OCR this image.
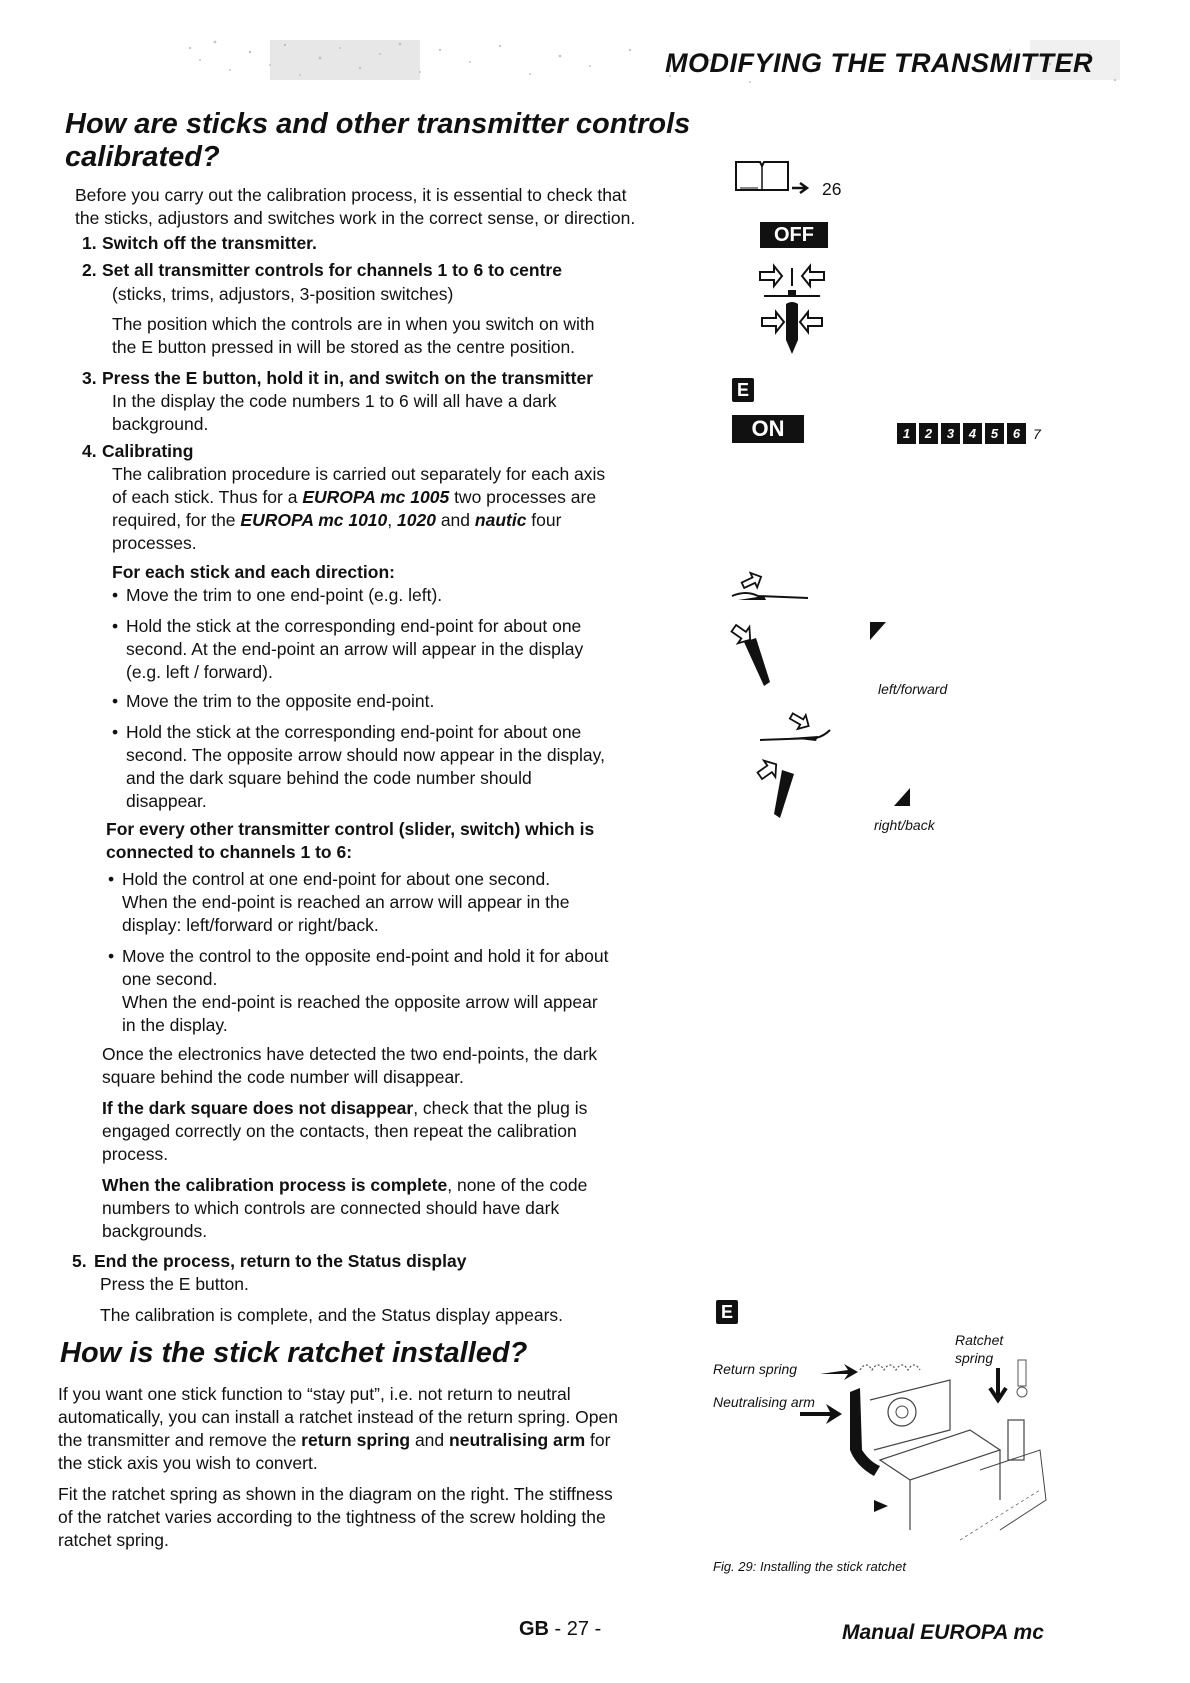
MODIFYING THE TRANSMITTER
How are sticks and other transmitter controls
calibrated?
Before you carry out the calibration process, it is essential to check that
the sticks, adjustors and switches work in the correct sense, or direction.
1. Switch off the transmitter.
2. Set all transmitter controls for channels 1 to 6 to centre
(sticks, trims, adjustors, 3-position switches)
The position which the controls are in when you switch on with
the E button pressed in will be stored as the centre position.
3. Press the E button, hold it in, and switch on the transmitter
In the display the code numbers 1 to 6 will all have a dark
background.
4. Calibrating
The calibration procedure is carried out separately for each axis
of each stick. Thus for a EUROPA mc 1005 two processes are
required, for the EUROPA mc 1010, 1020 and nautic four
processes.
For each stick and each direction:
• Move the trim to one end-point (e.g. left).
• Hold the stick at the corresponding end-point for about one
second. At the end-point an arrow will appear in the display
(e.g. left / forward).
• Move the trim to the opposite end-point.
• Hold the stick at the corresponding end-point for about one
second. The opposite arrow should now appear in the display,
and the dark square behind the code number should
disappear.
For every other transmitter control (slider, switch) which is
connected to channels 1 to 6:
• Hold the control at one end-point for about one second.
When the end-point is reached an arrow will appear in the
display: left/forward or right/back.
• Move the control to the opposite end-point and hold it for about
one second.
When the end-point is reached the opposite arrow will appear
in the display.
Once the electronics have detected the two end-points, the dark
square behind the code number will disappear.
If the dark square does not disappear, check that the plug is
engaged correctly on the contacts, then repeat the calibration
process.
When the calibration process is complete, none of the code
numbers to which controls are connected should have dark
backgrounds.
5. End the process, return to the Status display
Press the E button.
The calibration is complete, and the Status display appears.
How is the stick ratchet installed?
If you want one stick function to “stay put”, i.e. not return to neutral
automatically, you can install a ratchet instead of the return spring. Open
the transmitter and remove the return spring and neutralising arm for
the stick axis you wish to convert.
Fit the ratchet spring as shown in the diagram on the right. The stiffness
of the ratchet varies according to the tightness of the screw holding the
ratchet spring.
26
OFF
E
ON	1	2	3	4	5	6 7
left/forward
right/back
E
Ratchet
spring
Return spring
Neutralising arm
Fig. 29: Installing the stick ratchet
GB - 27 -	Manual EUROPA mc
